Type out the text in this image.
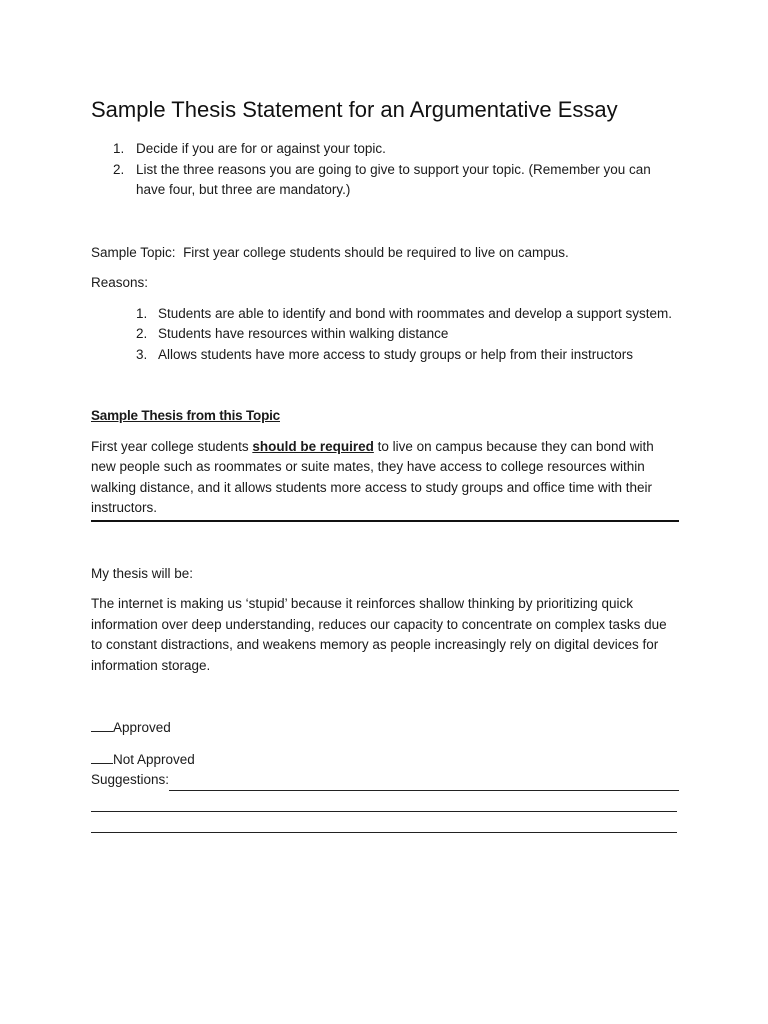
Sample Thesis Statement for an Argumentative Essay
1. Decide if you are for or against your topic.
2. List the three reasons you are going to give to support your topic. (Remember you can have four, but three are mandatory.)

Sample Topic: First year college students should be required to live on campus.

Reasons:

1. Students are able to identify and bond with roommates and develop a support system.
2. Students have resources within walking distance
3. Allows students have more access to study groups or help from their instructors

Sample Thesis from this Topic

First year college students should be required to live on campus because they can bond with new people such as roommates or suite mates, they have access to college resources within walking distance, and it allows students more access to study groups and office time with their instructors.

My thesis will be:

The internet is making us ‘stupid’ because it reinforces shallow thinking by prioritizing quick information over deep understanding, reduces our capacity to concentrate on complex tasks due to constant distractions, and weakens memory as people increasingly rely on digital devices for information storage.

Approved

Not Approved

Suggestions:
